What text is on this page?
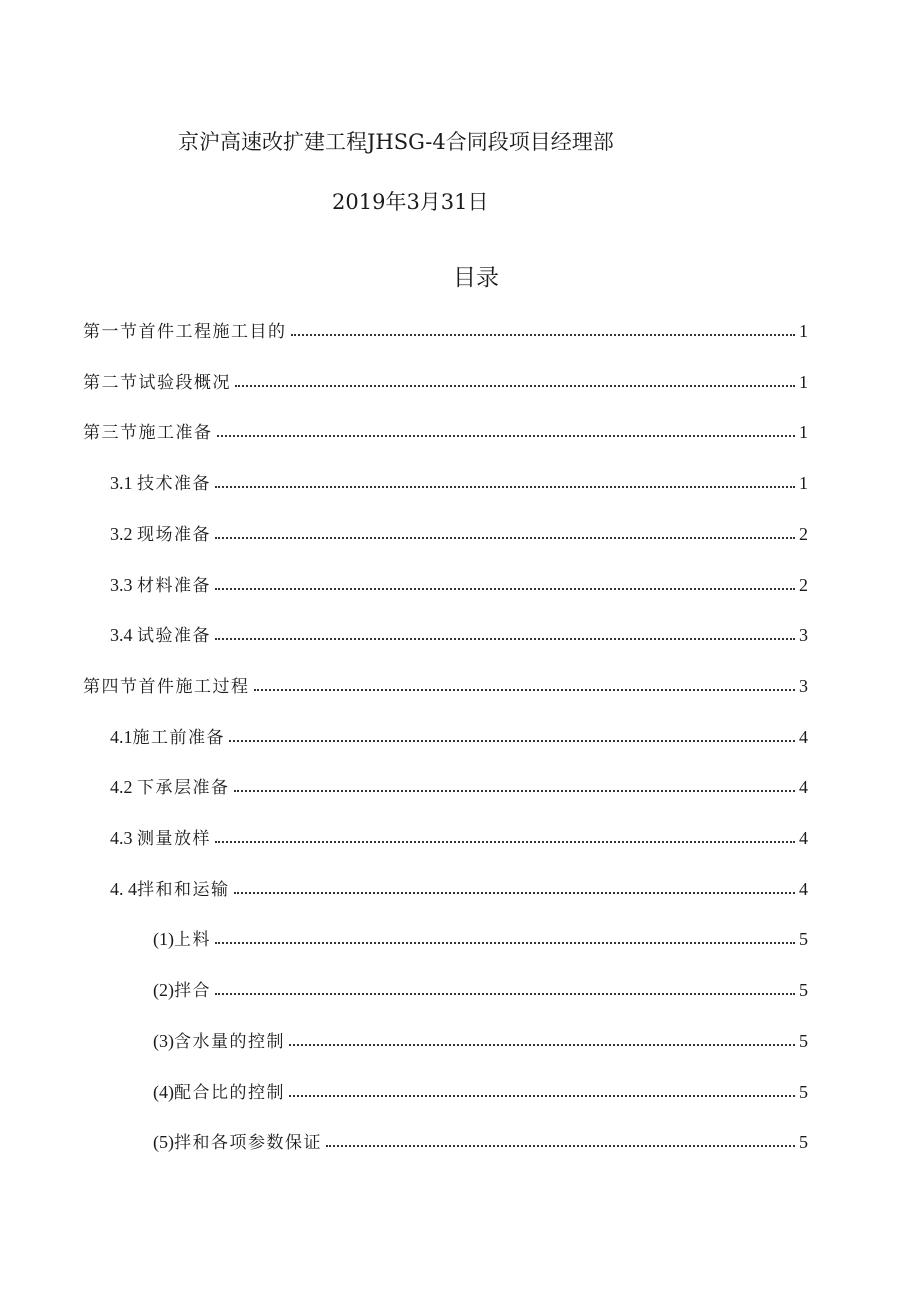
京沪高速改扩建工程JHSG-4合同段项目经理部
2019年3月31日
目录
第一节首件工程施工目的	1
第二节试验段概况	1
第三节施工准备	1
3.1 技术准备	1
3.2 现场准备	2
3.3 材料准备	2
3.4 试验准备	3
第四节首件施工过程	3
4.1施工前准备	4
4.2 下承层准备	4
4.3 测量放样	4
4. 4拌和和运输	4
(1)上料	5
(2)拌合	5
(3)含水量的控制	5
(4)配合比的控制	5
(5)拌和各项参数保证	5
